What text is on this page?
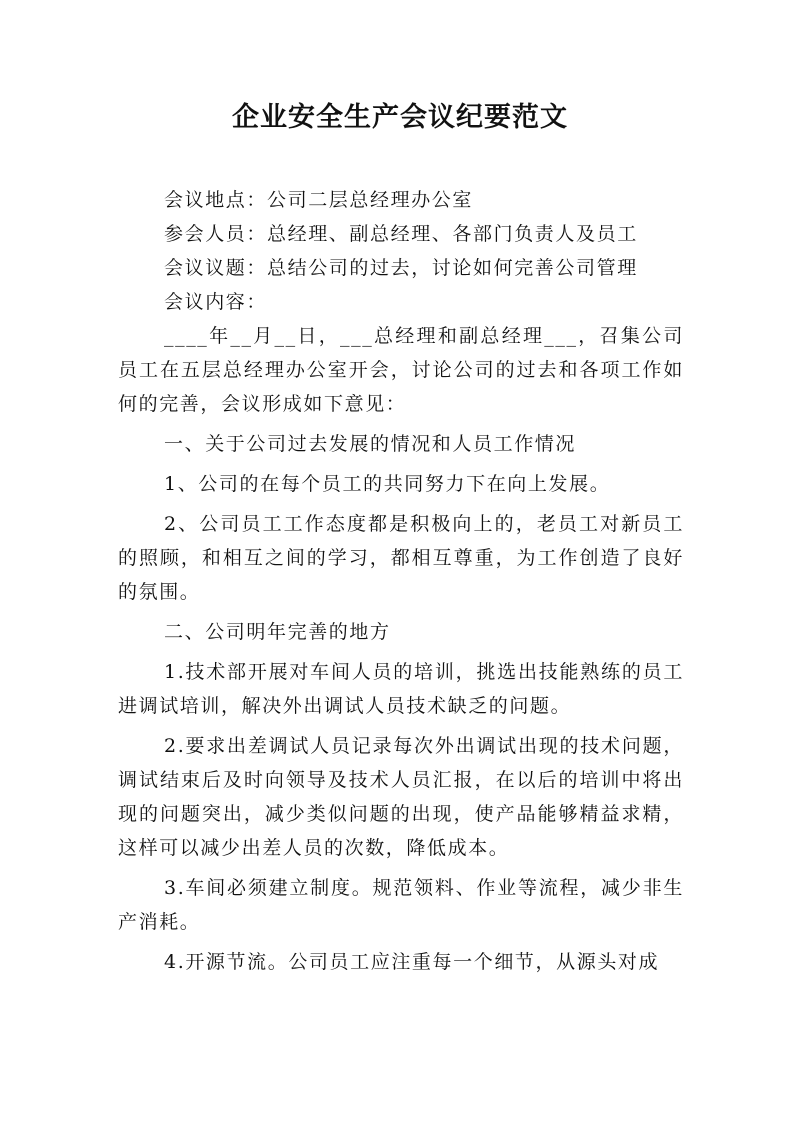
企业安全生产会议纪要范文

会议地点：公司二层总经理办公室

参会人员：总经理、副总经理、各部门负责人及员工

会议议题：总结公司的过去，讨论如何完善公司管理

会议内容：

____年__月__日，___总经理和副总经理___，召集公司员工在五层总经理办公室开会，讨论公司的过去和各项工作如何的完善，会议形成如下意见：

一、关于公司过去发展的情况和人员工作情况

1、公司的在每个员工的共同努力下在向上发展。

2、公司员工工作态度都是积极向上的，老员工对新员工的照顾，和相互之间的学习，都相互尊重，为工作创造了良好的氛围。

二、公司明年完善的地方

1.技术部开展对车间人员的培训，挑选出技能熟练的员工进调试培训，解决外出调试人员技术缺乏的问题。

2.要求出差调试人员记录每次外出调试出现的技术问题，调试结束后及时向领导及技术人员汇报，在以后的培训中将出现的问题突出，减少类似问题的出现，使产品能够精益求精，这样可以减少出差人员的次数，降低成本。

3.车间必须建立制度。规范领料、作业等流程，减少非生产消耗。

4.开源节流。公司员工应注重每一个细节，从源头对成
